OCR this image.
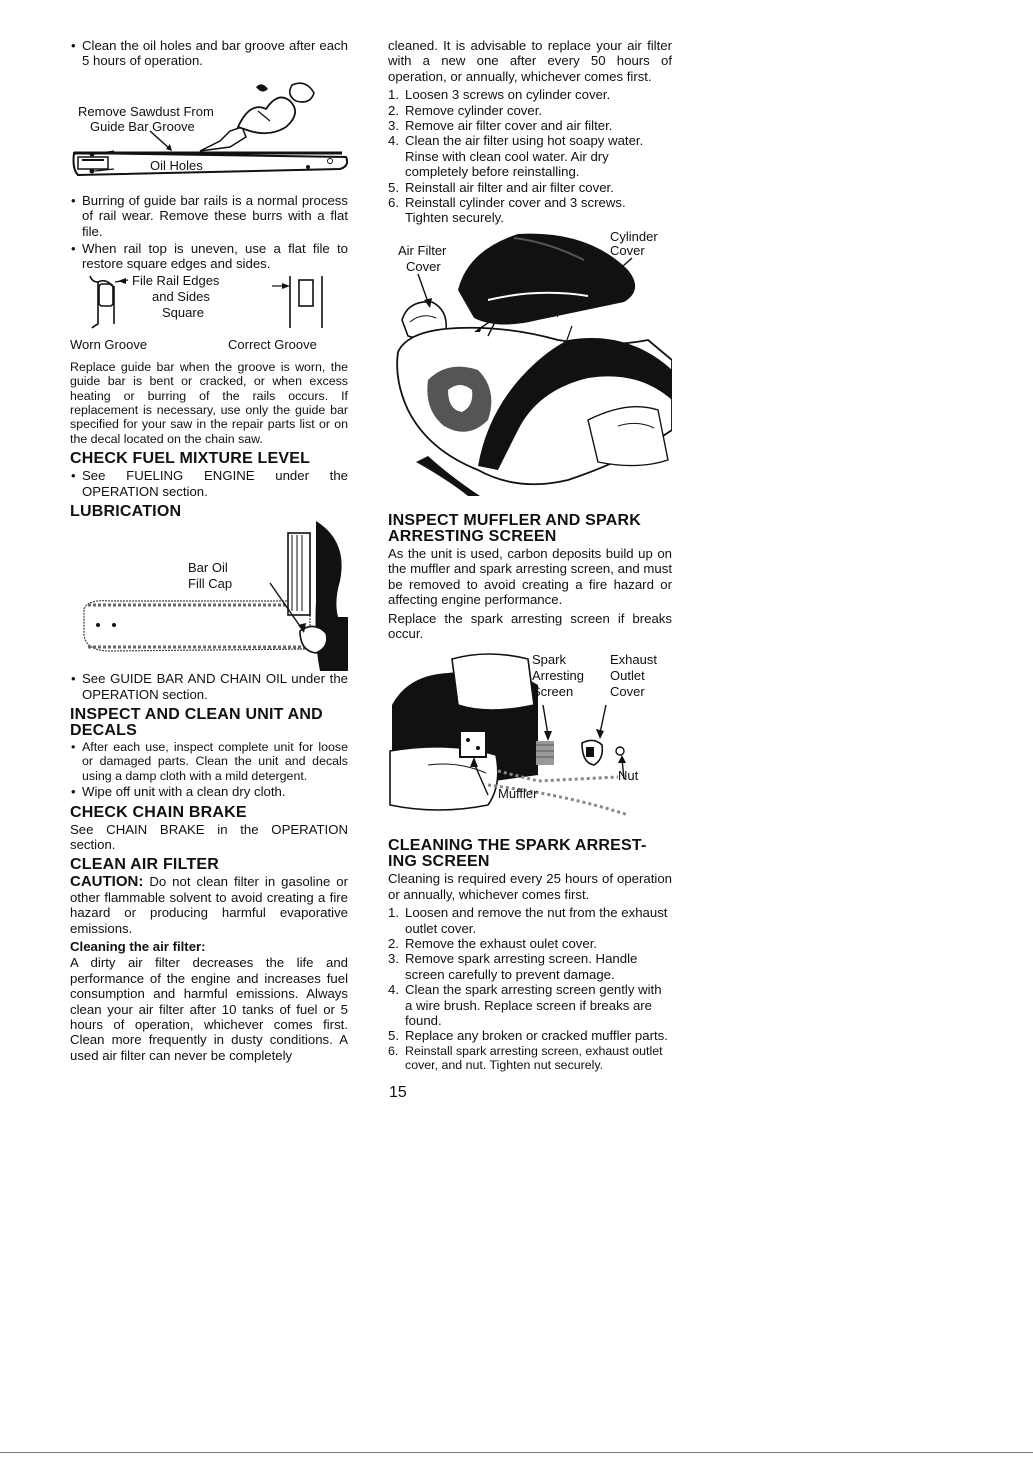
• Clean the oil holes and bar groove after each 5 hours of operation.
Remove Sawdust From
Guide Bar Groove
Oil Holes
• Burring of guide bar rails is a normal process of rail wear. Remove these burrs with a flat file.
• When rail top is uneven, use a flat file to restore square edges and sides.
File Rail Edges
and Sides
Square
Worn Groove	Correct Groove

Replace guide bar when the groove is worn, the guide bar is bent or cracked, or when excess heating or burring of the rails occurs. If replacement is necessary, use only the guide bar specified for your saw in the repair parts list or on the decal located on the chain saw.

CHECK FUEL MIXTURE LEVEL
• See FUELING ENGINE under the OPERATION section.
LUBRICATION
Bar Oil
Fill Cap
• See GUIDE BAR AND CHAIN OIL under the OPERATION section.
INSPECT AND CLEAN UNIT AND
DECALS
• After each use, inspect complete unit for loose or damaged parts. Clean the unit and decals using a damp cloth with a mild detergent.
• Wipe off unit with a clean dry cloth.
CHECK CHAIN BRAKE

See CHAIN BRAKE in the OPERATION section.

CLEAN AIR FILTER

CAUTION: Do not clean filter in gasoline or other flammable solvent to avoid creating a fire hazard or producing harmful evaporative emissions.

Cleaning the air filter:

A dirty air filter decreases the life and performance of the engine and increases fuel consumption and harmful emissions. Always clean your air filter after 10 tanks of fuel or 5 hours of operation, whichever comes first. Clean more frequently in dusty conditions. A used air filter can never be completely

cleaned. It is advisable to replace your air filter with a new one after every 50 hours of operation, or annually, whichever comes first.

1. Loosen 3 screws on cylinder cover.
2. Remove cylinder cover.
3. Remove air filter cover and air filter.
4. Clean the air filter using hot soapy water. Rinse with clean cool water. Air dry completely before reinstalling.
5. Reinstall air filter and air filter cover.
6. Reinstall cylinder cover and 3 screws. Tighten securely.
Air Filter
Cover
Cylinder
Cover
Air Filter
INSPECT MUFFLER AND SPARK
ARRESTING SCREEN

As the unit is used, carbon deposits build up on the muffler and spark arresting screen, and must be removed to avoid creating a fire hazard or affecting engine performance.

Replace the spark arresting screen if breaks occur.

Spark
Arresting
Screen
Exhaust
Outlet
Cover
Nut
Muffler
CLEANING THE SPARK ARREST-
ING SCREEN

Cleaning is required every 25 hours of operation or annually, whichever comes first.

1. Loosen and remove the nut from the exhaust outlet cover.
2. Remove the exhaust oulet cover.
3. Remove spark arresting screen. Handle screen carefully to prevent damage.
4. Clean the spark arresting screen gently with a wire brush. Replace screen if breaks are found.
5. Replace any broken or cracked muffler parts.
6. Reinstall spark arresting screen, exhaust outlet cover, and nut. Tighten nut securely.
15
